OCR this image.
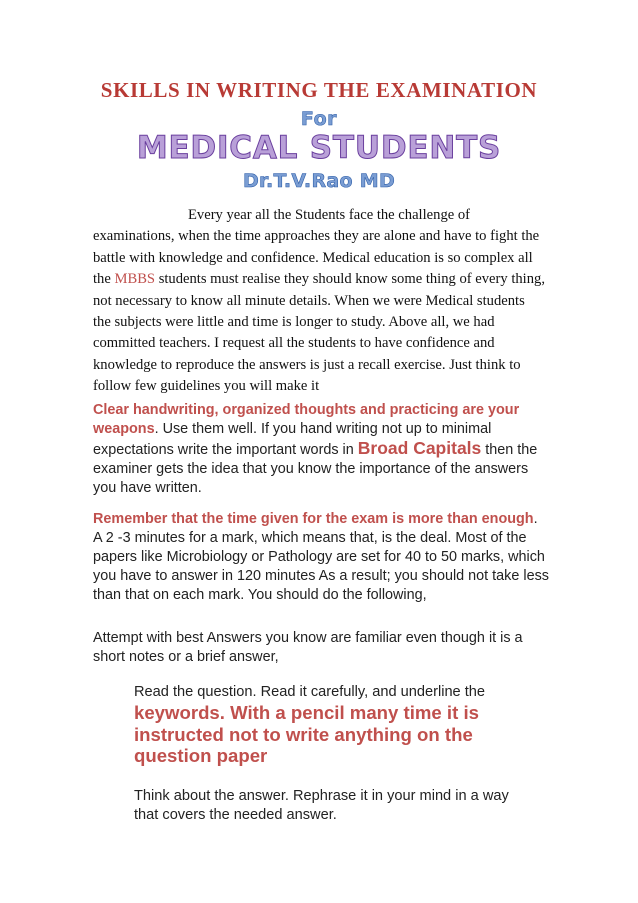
SKILLS IN WRITING THE EXAMINATION
For
MEDICAL STUDENTS
Dr.T.V.Rao MD

Every year all the Students face the challenge of examinations, when the time approaches they are alone and have to fight the battle with knowledge and confidence. Medical education is so complex all the MBBS students must realise they should know some thing of every thing, not necessary to know all minute details. When we were Medical students the subjects were little and time is longer to study. Above all, we had committed teachers. I request all the students to have confidence and knowledge to reproduce the answers is just a recall exercise. Just think to follow few guidelines you will make it

Clear handwriting, organized thoughts and practicing are your weapons. Use them well. If you hand writing not up to minimal expectations write the important words in Broad Capitals then the examiner gets the idea that you know the importance of the answers you have written.

Remember that the time given for the exam is more than enough. A 2 -3 minutes for a mark, which means that, is the deal. Most of the papers like Microbiology or Pathology are set for 40 to 50 marks, which you have to answer in 120 minutes As a result; you should not take less than that on each mark. You should do the following,

Attempt with best Answers you know are familiar even though it is a short notes or a brief answer,

Read the question. Read it carefully, and underline the
keywords. With a pencil many time it is instructed not to write anything on the question paper

Think about the answer. Rephrase it in your mind in a way that covers the needed answer.
